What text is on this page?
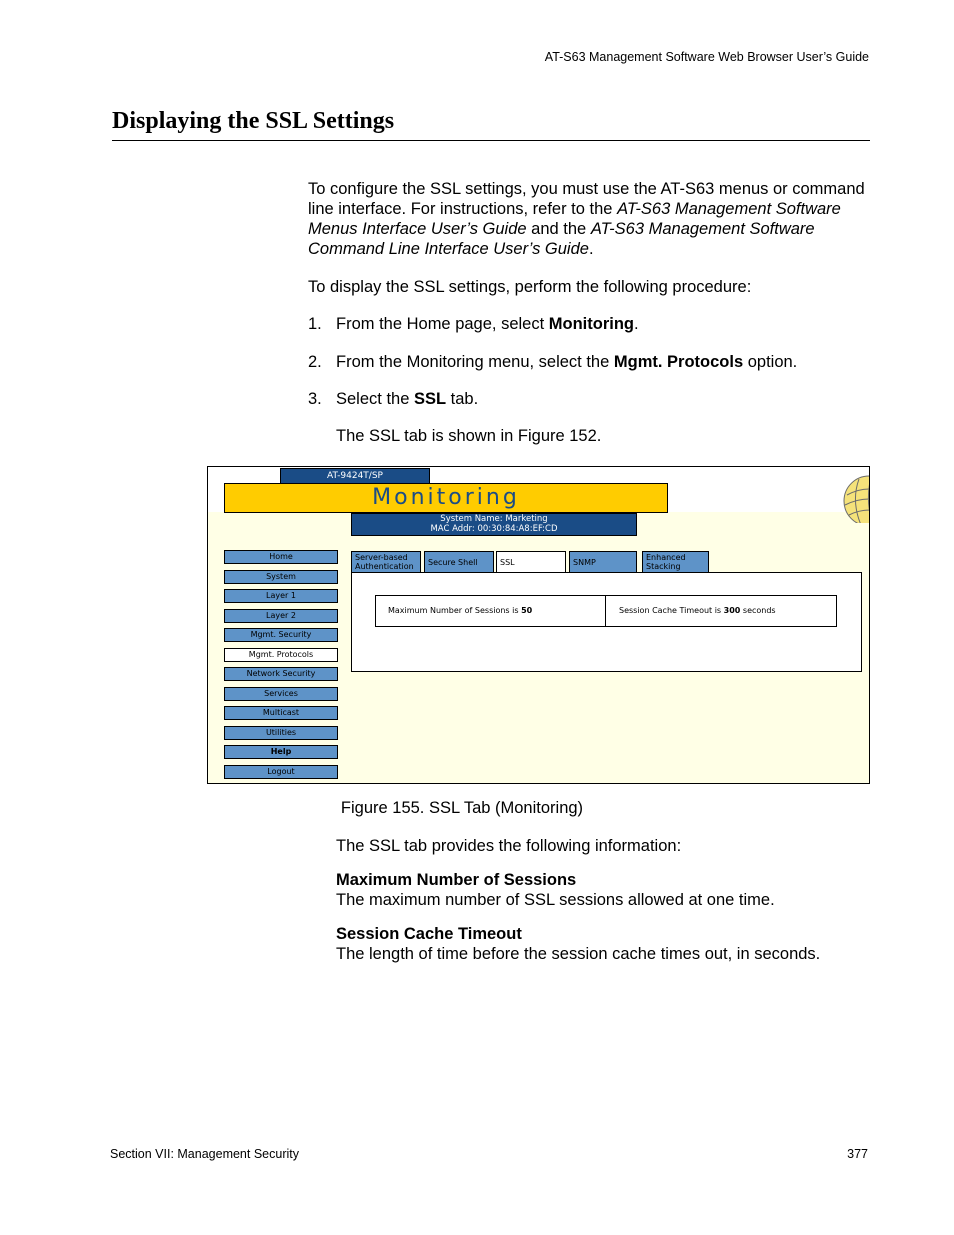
AT-S63 Management Software Web Browser User’s Guide
Displaying the SSL Settings
To configure the SSL settings, you must use the AT-S63 menus or command line interface. For instructions, refer to the AT-S63 Management Software Menus Interface User’s Guide and the AT-S63 Management Software Command Line Interface User’s Guide.
To display the SSL settings, perform the following procedure:
1. From the Home page, select Monitoring.
2. From the Monitoring menu, select the Mgmt. Protocols option.
3. Select the SSL tab.
The SSL tab is shown in Figure 152.
AT-9424T/SP
Monitoring
System Name: Marketing
MAC Addr: 00:30:84:A8:EF:CD
Home
System
Layer 1
Layer 2
Mgmt. Security
Mgmt. Protocols
Network Security
Services
Multicast
Utilities
Help
Logout
Server-based
Authentication	Secure Shell	SSL	SNMP
Enhanced
Stacking
Maximum Number of Sessions is 50	Session Cache Timeout is 300 seconds
Figure 155. SSL Tab (Monitoring)
The SSL tab provides the following information:
Maximum Number of Sessions
The maximum number of SSL sessions allowed at one time.
Session Cache Timeout
The length of time before the session cache times out, in seconds.
Section VII: Management Security	377
